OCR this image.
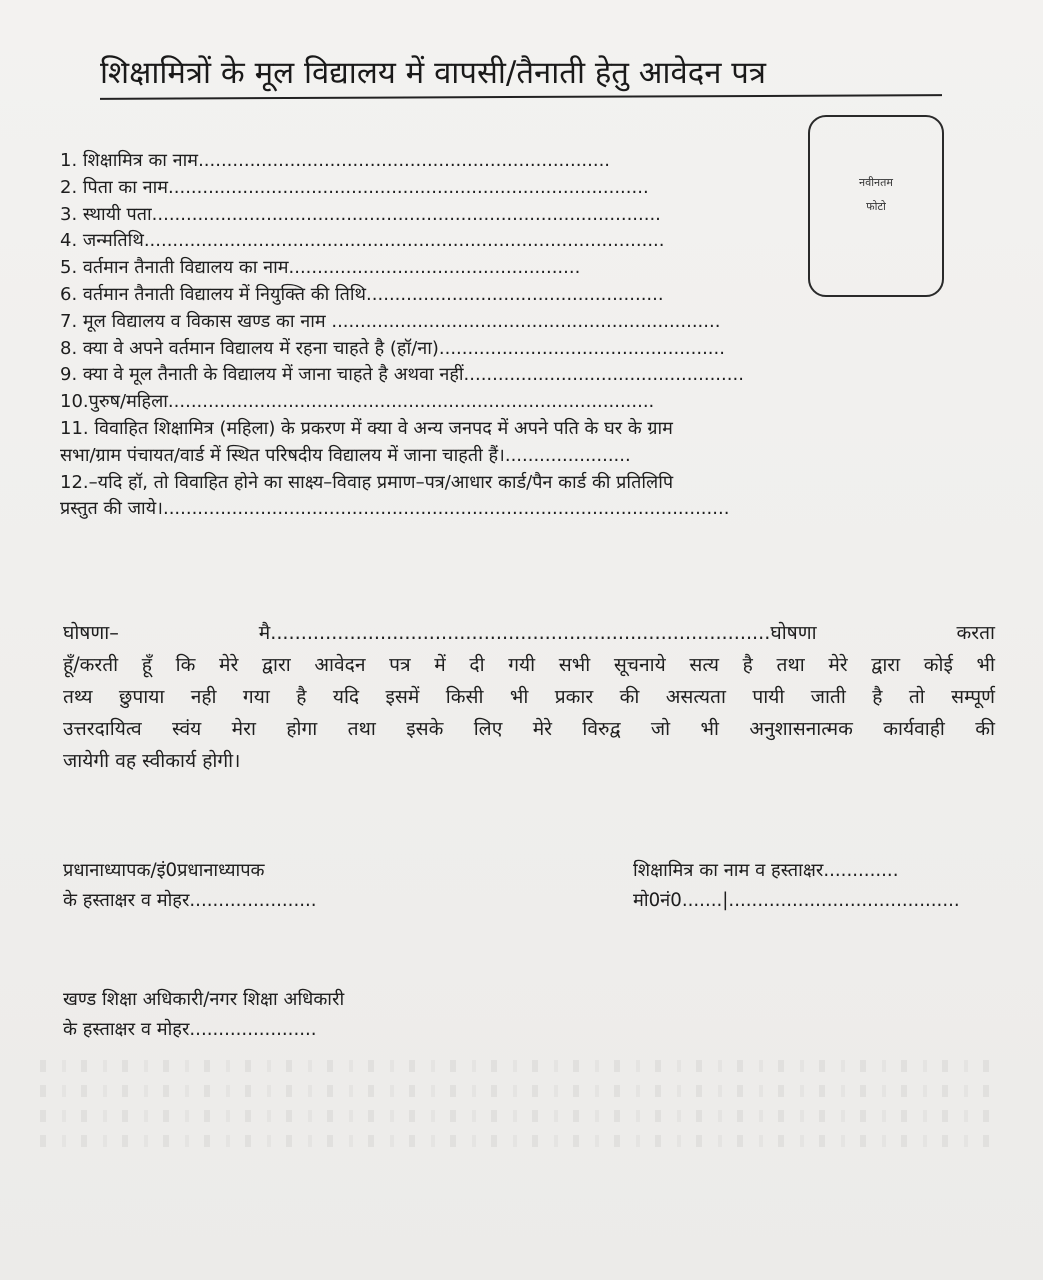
शिक्षामित्रों के मूल विद्यालय में वापसी/तैनाती हेतु आवेदन पत्र
नवीनतम
फोटो
1. शिक्षामित्र का नाम........................................................................
2. पिता का नाम....................................................................................
3. स्थायी पता.........................................................................................
4. जन्मतिथि...........................................................................................
5. वर्तमान तैनाती विद्यालय का नाम...................................................
6. वर्तमान तैनाती विद्यालय में नियुक्ति की तिथि....................................................
7. मूल विद्यालय व विकास खण्ड का नाम ....................................................................
8. क्या वे अपने वर्तमान विद्यालय में रहना चाहते है (हॉ/ना)..................................................
9. क्या वे मूल तैनाती के विद्यालय में जाना चाहते है अथवा नहीं.................................................
10.पुरुष/महिला.....................................................................................
11. विवाहित शिक्षामित्र (महिला) के प्रकरण में क्या वे अन्य जनपद में अपने पति के घर के ग्राम
सभा/ग्राम पंचायत/वार्ड में स्थित परिषदीय विद्यालय में जाना चाहती हैं।......................
12.–यदि हॉ, तो विवाहित होने का साक्ष्य–विवाह प्रमाण–पत्र/आधार कार्ड/पैन कार्ड की प्रतिलिपि
प्रस्तुत की जाये।...................................................................................................
घोषणा– मै..................................................................................घोषणा करता
हूँ/करती हूँ कि मेरे द्वारा आवेदन पत्र में दी गयी सभी सूचनाये सत्य है तथा मेरे द्वारा कोई भी
तथ्य छुपाया नही गया है यदि इसमें किसी भी प्रकार की असत्यता पायी जाती है तो सम्पूर्ण
उत्तरदायित्व स्वंय मेरा होगा तथा इसके लिए मेरे विरुद्व जो भी अनुशासनात्मक कार्यवाही की
जायेगी वह स्वीकार्य होगी।
प्रधानाध्यापक/इं0प्रधानाध्यापक
के हस्ताक्षर व मोहर......................
शिक्षामित्र का नाम व हस्ताक्षर.............
मो0नं0.......|........................................
खण्ड शिक्षा अधिकारी/नगर शिक्षा अधिकारी
के हस्ताक्षर व मोहर......................
